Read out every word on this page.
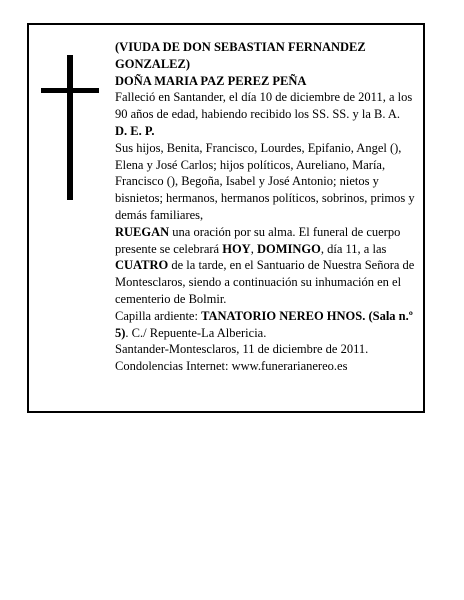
(VIUDA DE DON SEBASTIAN FERNANDEZ GONZALEZ)

DOÑA MARIA PAZ PEREZ PEÑA

Falleció en Santander, el día 10 de diciembre de 2011, a los 90 años de edad, habiendo recibido los SS. SS. y la B. A.

D. E. P.

Sus hijos, Benita, Francisco, Lourdes, Epifanio, Angel (), Elena y José Carlos; hijos políticos, Aureliano, María, Francisco (), Begoña, Isabel y José Antonio; nietos y bisnietos; hermanos, hermanos políticos, sobrinos, primos y demás familiares,

RUEGAN una oración por su alma. El funeral de cuerpo presente se celebrará HOY, DOMINGO, día 11, a las CUATRO de la tarde, en el Santuario de Nuestra Señora de Montesclaros, siendo a continuación su inhumación en el cementerio de Bolmir.

Capilla ardiente: TANATORIO NEREO HNOS. (Sala n.º 5). C./ Repuente-La Albericia.

Santander-Montesclaros, 11 de diciembre de 2011.

Condolencias Internet: www.funerarianereo.es
